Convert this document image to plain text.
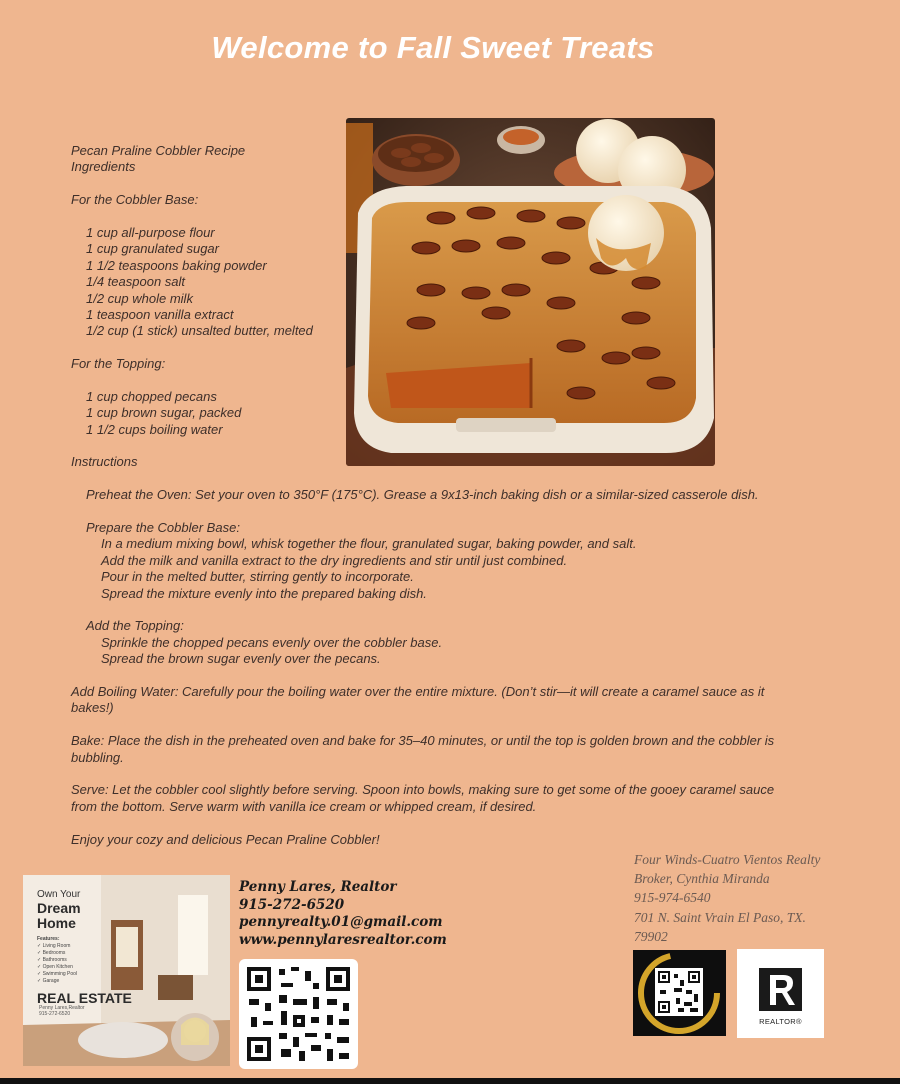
Welcome to Fall Sweet Treats
Pecan Praline Cobbler Recipe
Ingredients
For the Cobbler Base:
1 cup all-purpose flour
1 cup granulated sugar
1 1/2 teaspoons baking powder
1/4 teaspoon salt
1/2 cup whole milk
1 teaspoon vanilla extract
1/2 cup (1 stick) unsalted butter, melted
For the Topping:
1 cup chopped pecans
1 cup brown sugar, packed
1 1/2 cups boiling water
Instructions
Preheat the Oven: Set your oven to 350°F (175°C). Grease a 9x13-inch baking dish or a similar-sized casserole dish.
Prepare the Cobbler Base:
In a medium mixing bowl, whisk together the flour, granulated sugar, baking powder, and salt.
Add the milk and vanilla extract to the dry ingredients and stir until just combined.
Pour in the melted butter, stirring gently to incorporate.
Spread the mixture evenly into the prepared baking dish.
Add the Topping:
Sprinkle the chopped pecans evenly over the cobbler base.
Spread the brown sugar evenly over the pecans.
Add Boiling Water: Carefully pour the boiling water over the entire mixture. (Don’t stir—it will create a caramel sauce as it bakes!)
Bake: Place the dish in the preheated oven and bake for 35–40 minutes, or until the top is golden brown and the cobbler is bubbling.
Serve: Let the cobbler cool slightly before serving. Spoon into bowls, making sure to get some of the gooey caramel sauce from the bottom. Serve warm with vanilla ice cream or whipped cream, if desired.
Enjoy your cozy and delicious Pecan Praline Cobbler!
Own Your
Dream
Home
Features:
✓ Living Room
✓ Bedrooms
✓ Bathrooms
✓ Open Kitchen
✓ Swimming Pool
✓ Garage
REAL ESTATE
Penny Lares,Realtor
915-272-6520
Penny Lares, Realtor
915-272-6520
pennyrealty.01@gmail.com
www.pennylaresrealtor.com
Four Winds-Cuatro Vientos Realty
Broker, Cynthia Miranda
915-974-6540
701 N. Saint Vrain El Paso, TX.
79902
REALTOR®
